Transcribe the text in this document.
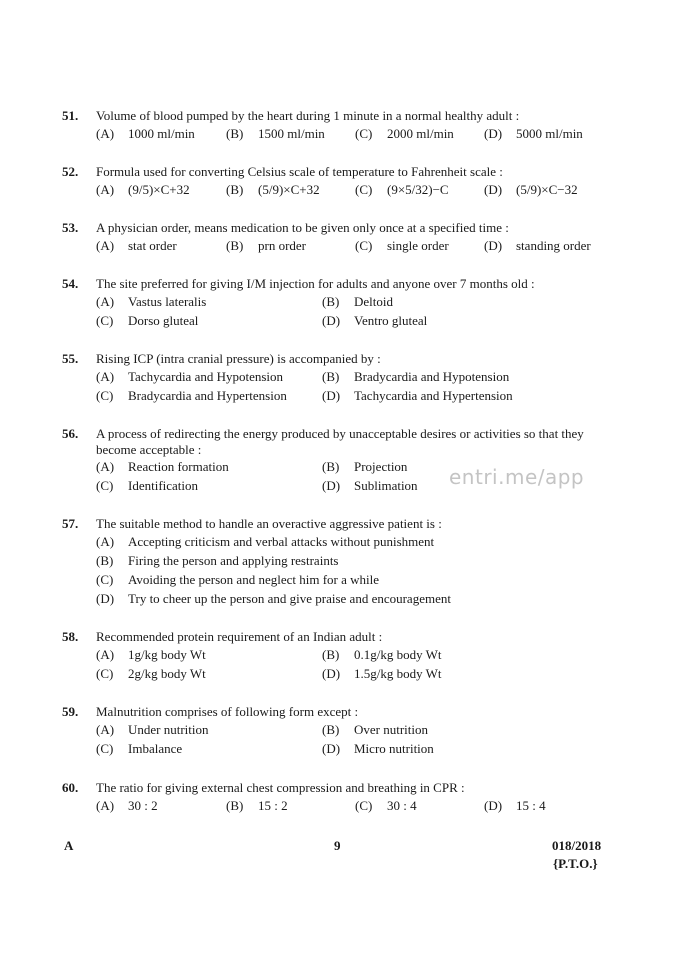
51. Volume of blood pumped by the heart during 1 minute in a normal healthy adult :
(A) 1000 ml/min (B) 1500 ml/min (C) 2000 ml/min (D) 5000 ml/min
52. Formula used for converting Celsius scale of temperature to Fahrenheit scale :
(A) (9/5)×C+32	(B) (5/9)×C+32	(C) (9×5/32)−C	(D) (5/9)×C−32
53. A physician order, means medication to be given only once at a specified time :
(A) stat order	(B) prn order	(C) single order	(D) standing order
54. The site preferred for giving I/M injection for adults and anyone over 7 months old :
(A) Vastus lateralis	(B) Deltoid
(C) Dorso gluteal	(D) Ventro gluteal
55. Rising ICP (intra cranial pressure) is accompanied by :
(A) Tachycardia and Hypotension	(B) Bradycardia and Hypotension
(C) Bradycardia and Hypertension	(D) Tachycardia and Hypertension
56. A process of redirecting the energy produced by unacceptable desires or activities so that they become acceptable :
(A) Reaction formation	(B) Projection
(C) Identification	(D) Sublimation entri.me/app
57. The suitable method to handle an overactive aggressive patient is :
(A) Accepting criticism and verbal attacks without punishment
(B) Firing the person and applying restraints
(C) Avoiding the person and neglect him for a while
(D) Try to cheer up the person and give praise and encouragement
58. Recommended protein requirement of an Indian adult :
(A) 1g/kg body Wt	(B) 0.1g/kg body Wt
(C) 2g/kg body Wt	(D) 1.5g/kg body Wt
59. Malnutrition comprises of following form except :
(A) Under nutrition	(B) Over nutrition
(C) Imbalance	(D) Micro nutrition
60. The ratio for giving external chest compression and breathing in CPR :
(A) 30 : 2	(B) 15 : 2	(C) 30 : 4	(D) 15 : 4
A	9	018/2018
{P.T.O.}
